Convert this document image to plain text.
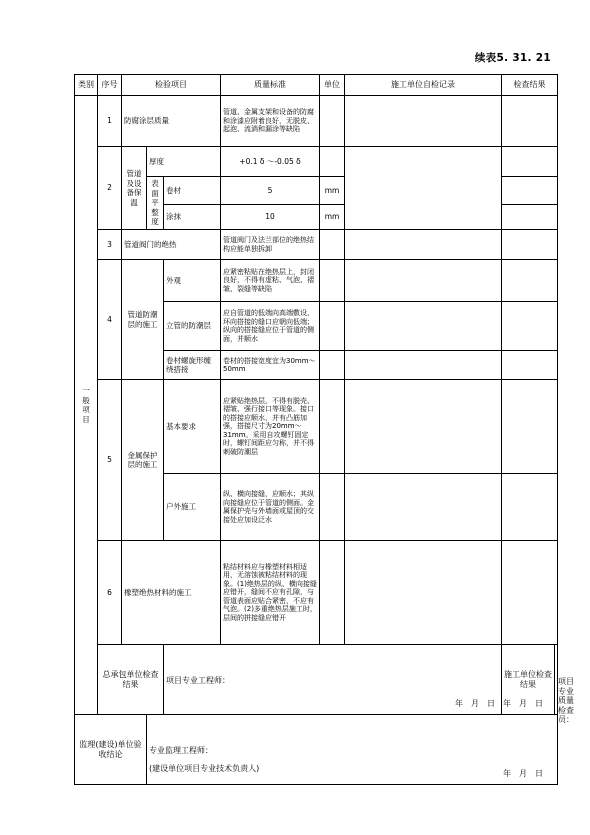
续表5. 31. 21
类别	序号	检验项目	质量标准	单位	施工单位自检记录	检查结果
一般项目	1	防腐涂层质量	管道、金属支架和设备的防腐和涂漆应附着良好，无脱皮、起泡、流淌和漏涂等缺陷			
2	管道及设备保温	厚度	+0.1 δ ～-0.05 δ		

表面平整度	卷材	5	mm	

涂抹	10	mm	

3	管道阀门的绝热	管道阀门及法兰部位的绝热结构应能单独拆卸			
4	管道防潮层的施工	外观	应紧密粘贴在绝热层上，封闭良好，不得有虚粘、气泡、褶皱、裂缝等缺陷			
立管的防潮层	应自管道的低端向高端敷设，环向搭接的缝口应朝向低端；纵向的搭接缝应位于管道的侧面，并顺水			
卷材螺旋形缠绕搭接	卷材的搭接宽度宜为30mm～50mm		

5	金属保护层的施工	基本要求	应紧贴绝热层，不得有脱壳、褶皱、强行接口等现象。接口的搭接应顺水，并有凸筋加强，搭接尺寸为20mm～31mm。采用自攻螺钉固定时，螺钉间距应匀称，并不得刺破防潮层			
户外施工	纵、横向接缝，应顺水；其纵向接缝应位于管道的侧面。金属保护壳与外墙面或屋顶的交接处应加设泛水			
6	橡塑绝热材料的施工	粘结材料应与橡塑材料相适用，无溶蚀被粘结材料的现象。(1)绝热层的纵、横向接缝应错开，缝间不应有孔隙，与管道表面应贴合紧密，不应有气泡。(2)多重绝热层施工时，层间的拼接缝应错开			
总承包单位检查结果	项目专业工程师：
年　月　日

施工单位检查结果	项目专业质量检查员：
年　月　日

监理(建设)单位验收结论	专业监理工程师：
(建设单位项目专业技术负责人)
年　月　日
